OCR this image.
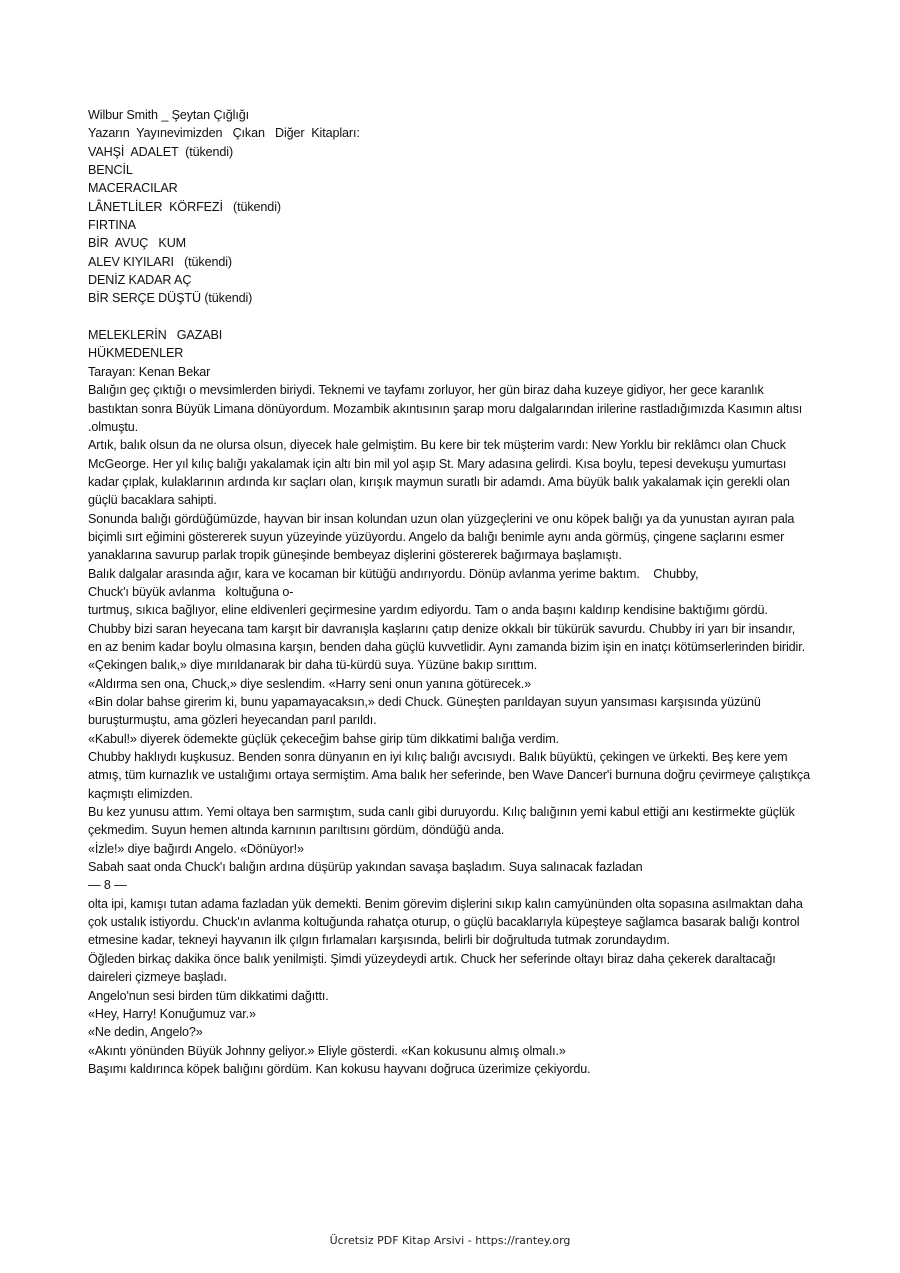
Wilbur Smith _ Şeytan Çığlığı
Yazarın  Yayınevimizden   Çıkan   Diğer  Kitapları:
VAHŞİ  ADALET  (tükendi)
BENCİL
MACERACILAR
LÂNETLİLER  KÖRFEZİ   (tükendi)
FIRTINA
BİR  AVUÇ   KUM
ALEV KIYILARI   (tükendi)
DENİZ KADAR AÇ
BİR SERÇE DÜŞTÜ (tükendi)
MELEKLERİN   GAZABI
HÜKMEDENLER
Tarayan: Kenan Bekar
Balığın geç çıktığı o mevsimlerden biriydi. Teknemi ve tayfamı zorluyor, her gün biraz daha kuzeye gidiyor, her gece karanlık bastıktan sonra Büyük Limana dönüyordum. Mozambik akıntısının şarap moru dalgalarından irilerine rastladığımızda Kasımın altısı .olmuştu.
Artık, balık olsun da ne olursa olsun, diyecek hale gelmiştim. Bu kere bir tek müşterim vardı: New Yorklu bir reklâmcı olan Chuck McGeorge. Her yıl kılıç balığı yakalamak için altı bin mil yol aşıp St. Mary adasına gelirdi. Kısa boylu, tepesi devekuşu yumurtası kadar çıplak, kulaklarının ardında kır saçları olan, kırışık maymun suratlı bir adamdı. Ama büyük balık yakalamak için gerekli olan güçlü bacaklara sahipti.
Sonunda balığı gördüğümüzde, hayvan bir insan kolundan uzun olan yüzgeçlerini ve onu köpek balığı ya da yunustan ayıran pala biçimli sırt eğimini göstererek suyun yüzeyinde yüzüyordu. Angelo da balığı benimle aynı anda görmüş, çingene saçlarını esmer yanaklarına savurup parlak tropik güneşinde bembeyaz dişlerini göstererek bağırmaya başlamıştı.
Balık dalgalar arasında ağır, kara ve kocaman bir kütüğü andırıyordu. Dönüp avlanma yerime baktım.    Chubby,
Chuck'ı büyük avlanma   koltuğuna o-
turtmuş, sıkıca bağlıyor, eline eldivenleri geçirmesine yardım ediyordu. Tam o anda başını kaldırıp kendisine baktığımı gördü.
Chubby bizi saran heyecana tam karşıt bir davranışla kaşlarını çatıp denize okkalı bir tükürük savurdu. Chubby iri yarı bir insandır, en az benim kadar boylu olmasına karşın, benden daha güçlü kuvvetlidir. Aynı zamanda bizim işin en inatçı kötümserlerinden biridir.
«Çekingen balık,» diye mırıldanarak bir daha tü-kürdü suya. Yüzüne bakıp sırıttım.
«Aldırma sen ona, Chuck,» diye seslendim. «Harry seni onun yanına götürecek.»
«Bin dolar bahse girerim ki, bunu yapamayacaksın,» dedi Chuck. Güneşten parıldayan suyun yansıması karşısında yüzünü buruşturmuştu, ama gözleri heyecandan parıl parıldı.
«Kabul!» diyerek ödemekte güçlük çekeceğim bahse girip tüm dikkatimi balığa verdim.
Chubby haklıydı kuşkusuz. Benden sonra dünyanın en iyi kılıç balığı avcısıydı. Balık büyüktü, çekingen ve ürkekti. Beş kere yem atmış, tüm kurnazlık ve ustalığımı ortaya sermiştim. Ama balık her seferinde, ben Wave Dancer'i burnuna doğru çevirmeye çalıştıkça kaçmıştı elimizden.
Bu kez yunusu attım. Yemi oltaya ben sarmıştım, suda canlı gibi duruyordu. Kılıç balığının yemi kabul ettiği anı kestirmekte güçlük çekmedim. Suyun hemen altında karnının parıltısını gördüm, döndüğü anda.
«İzle!» diye bağırdı Angelo. «Dönüyor!»
Sabah saat onda Chuck'ı balığın ardına düşürüp yakından savaşa başladım. Suya salınacak fazladan
— 8 —
olta ipi, kamışı tutan adama fazladan yük demekti. Benim görevim dişlerini sıkıp kalın camyününden olta sopasına asılmaktan daha çok ustalık istiyordu. Chuck'ın avlanma koltuğunda rahatça oturup, o güçlü bacaklarıyla küpeşteye sağlamca basarak balığı kontrol etmesine kadar, tekneyi hayvanın ilk çılgın fırlamaları karşısında, belirli bir doğrultuda tutmak zorundaydım.
Öğleden birkaç dakika önce balık yenilmişti. Şimdi yüzeydeydi artık. Chuck her seferinde oltayı biraz daha çekerek daraltacağı daireleri çizmeye başladı.
Angelo'nun sesi birden tüm dikkatimi dağıttı.
«Hey, Harry! Konuğumuz var.»
«Ne dedin, Angelo?»
«Akıntı yönünden Büyük Johnny geliyor.» Eliyle gösterdi. «Kan kokusunu almış olmalı.»
Başımı kaldırınca köpek balığını gördüm. Kan kokusu hayvanı doğruca üzerimize çekiyordu.
Ücretsiz PDF Kitap Arsivi - https://rantey.org
